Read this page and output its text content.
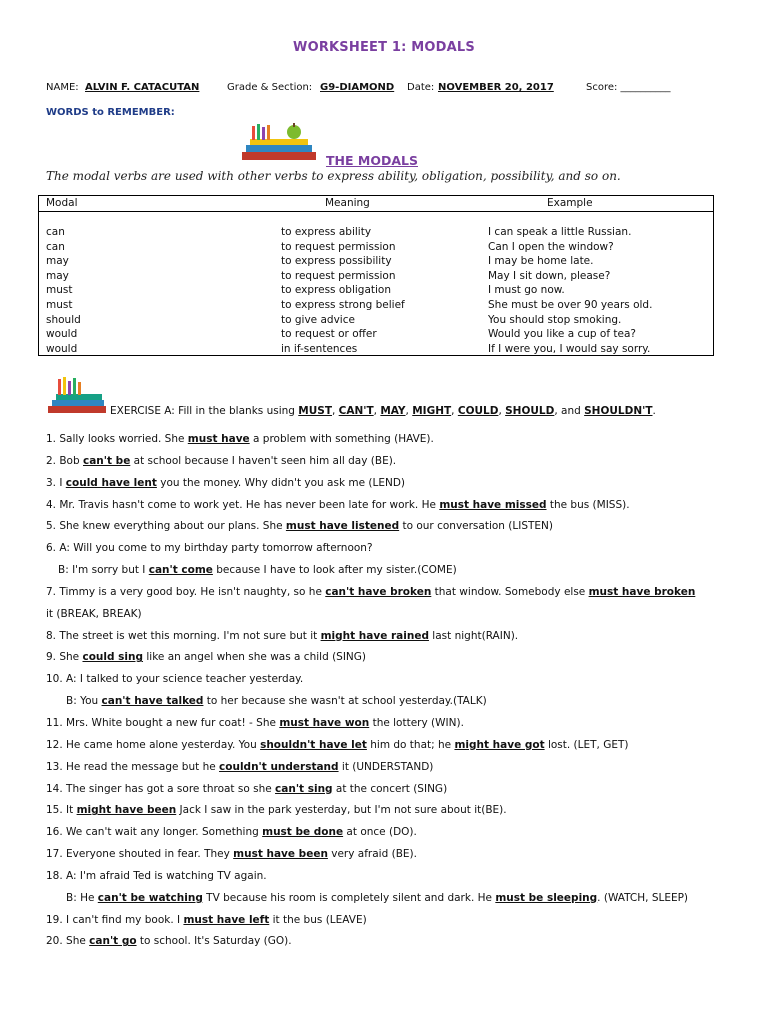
WORKSHEET 1: MODALS
NAME: ALVIN F. CATACUTAN	Grade & Section: G9-DIAMOND Date: NOVEMBER 20, 2017	Score: __________
WORDS to REMEMBER:
THE MODALS
The modal verbs are used with other verbs to express ability, obligation, possibility, and so on.
Modal	Meaning	Example
can	to express ability	I can speak a little Russian.
can	to request permission	Can I open the window?
may	to express possibility	I may be home late.
may	to request permission	May I sit down, please?
must	to express obligation	I must go now.
must	to express strong belief	She must be over 90 years old.
should	to give advice	You should stop smoking.
would	to request or offer	Would you like a cup of tea?
would	in if-sentences	If I were you, I would say sorry.
EXERCISE A: Fill in the blanks using MUST, CAN'T, MAY, MIGHT, COULD, SHOULD, and SHOULDN'T.
1. Sally looks worried. She must have a problem with something (HAVE).
2. Bob can't be at school because I haven't seen him all day (BE).
3. I could have lent you the money. Why didn't you ask me (LEND)
4. Mr. Travis hasn't come to work yet. He has never been late for work. He must have missed the bus (MISS).
5. She knew everything about our plans. She must have listened to our conversation (LISTEN)
6. A: Will you come to my birthday party tomorrow afternoon?
B: I'm sorry but I can't come because I have to look after my sister.(COME)
7. Timmy is a very good boy. He isn't naughty, so he can't have broken that window. Somebody else must have broken
it (BREAK, BREAK)
8. The street is wet this morning. I'm not sure but it might have rained last night(RAIN).
9. She could sing like an angel when she was a child (SING)
10. A: I talked to your science teacher yesterday.
B: You can't have talked to her because she wasn't at school yesterday.(TALK)
11. Mrs. White bought a new fur coat! - She must have won the lottery (WIN).
12. He came home alone yesterday. You shouldn't have let him do that; he might have got lost. (LET, GET)
13. He read the message but he couldn't understand it (UNDERSTAND)
14. The singer has got a sore throat so she can't sing at the concert (SING)
15. It might have been Jack I saw in the park yesterday, but I'm not sure about it(BE).
16. We can't wait any longer. Something must be done at once (DO).
17. Everyone shouted in fear. They must have been very afraid (BE).
18. A: I'm afraid Ted is watching TV again.
B: He can't be watching TV because his room is completely silent and dark. He must be sleeping. (WATCH, SLEEP)
19. I can't find my book. I must have left it the bus (LEAVE)
20. She can't go to school. It's Saturday (GO).
